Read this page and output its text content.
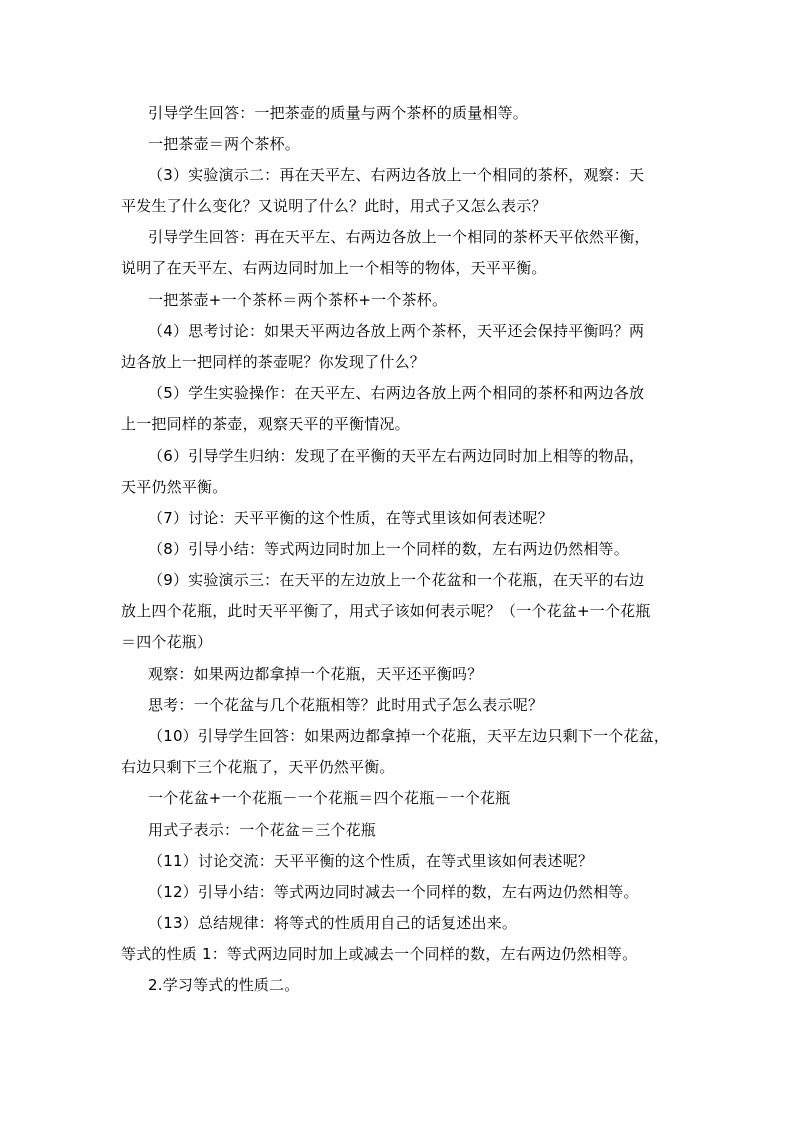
引导学生回答：一把茶壶的质量与两个茶杯的质量相等。
一把茶壶＝两个茶杯。
（3）实验演示二：再在天平左、右两边各放上一个相同的茶杯，观察：天
平发生了什么变化？又说明了什么？此时，用式子又怎么表示？
引导学生回答：再在天平左、右两边各放上一个相同的茶杯天平依然平衡，
说明了在天平左、右两边同时加上一个相等的物体，天平平衡。
一把茶壶+一个茶杯＝两个茶杯+一个茶杯。
（4）思考讨论：如果天平两边各放上两个茶杯，天平还会保持平衡吗？两
边各放上一把同样的茶壶呢？你发现了什么？
（5）学生实验操作：在天平左、右两边各放上两个相同的茶杯和两边各放
上一把同样的茶壶，观察天平的平衡情况。
（6）引导学生归纳：发现了在平衡的天平左右两边同时加上相等的物品，
天平仍然平衡。
（7）讨论：天平平衡的这个性质，在等式里该如何表述呢？
（8）引导小结：等式两边同时加上一个同样的数，左右两边仍然相等。
（9）实验演示三：在天平的左边放上一个花盆和一个花瓶，在天平的右边
放上四个花瓶，此时天平平衡了，用式子该如何表示呢？（一个花盆+一个花瓶
＝四个花瓶）
观察：如果两边都拿掉一个花瓶，天平还平衡吗？
思考：一个花盆与几个花瓶相等？此时用式子怎么表示呢？
（10）引导学生回答：如果两边都拿掉一个花瓶，天平左边只剩下一个花盆，
右边只剩下三个花瓶了，天平仍然平衡。
一个花盆+一个花瓶－一个花瓶＝四个花瓶－一个花瓶
用式子表示：一个花盆＝三个花瓶
（11）讨论交流：天平平衡的这个性质，在等式里该如何表述呢？
（12）引导小结：等式两边同时减去一个同样的数，左右两边仍然相等。
（13）总结规律：将等式的性质用自己的话复述出来。
等式的性质 1：等式两边同时加上或减去一个同样的数，左右两边仍然相等。
2.学习等式的性质二。
